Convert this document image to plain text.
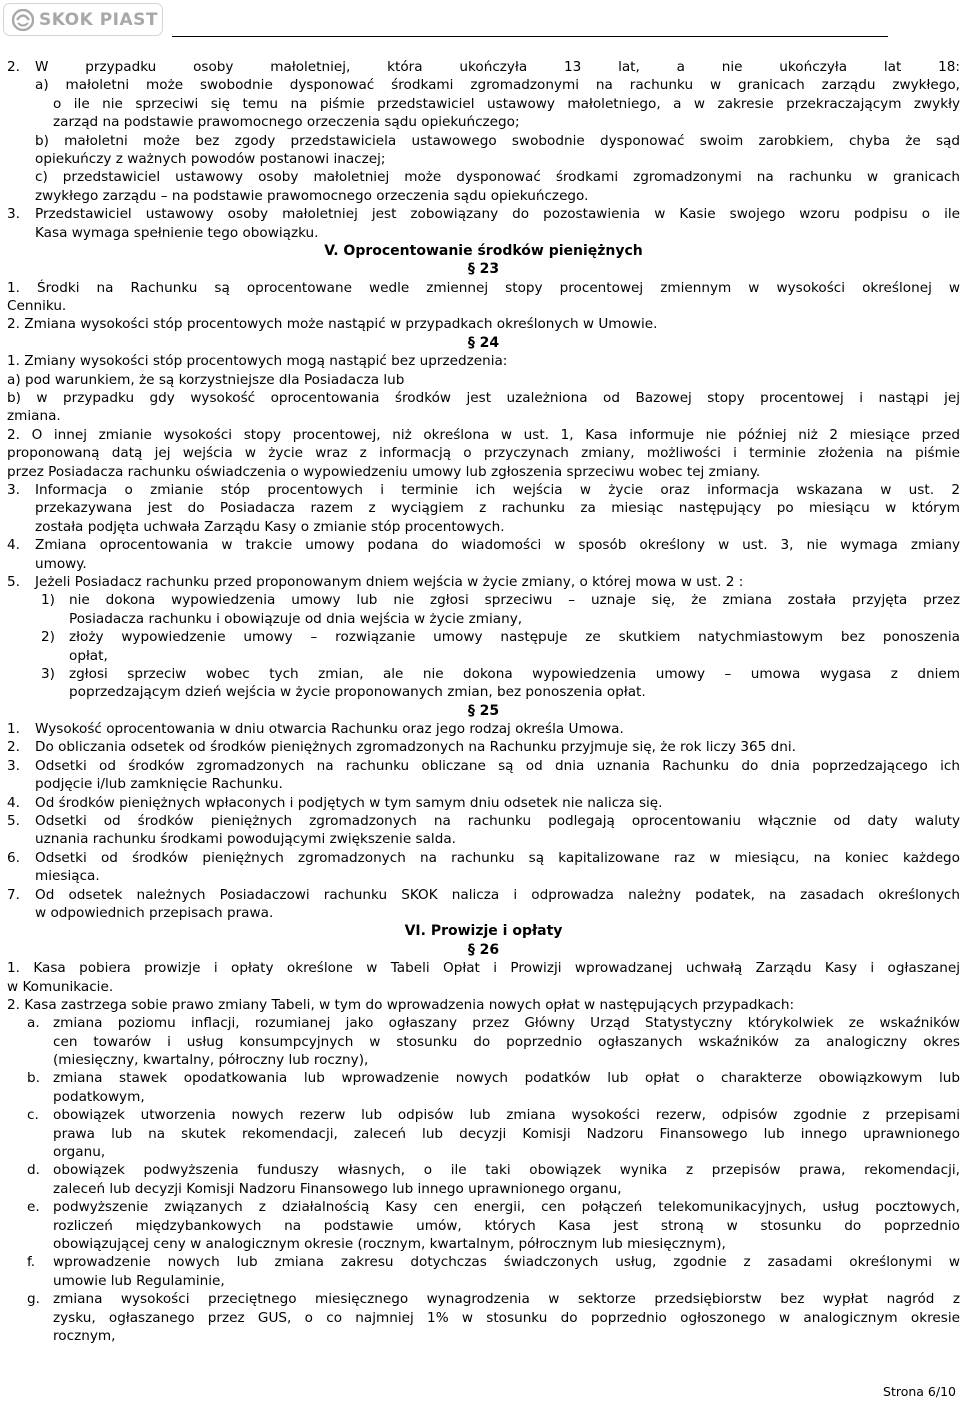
SKOK PIAST
2. W przypadku osoby małoletniej, która ukończyła 13 lat, a nie ukończyła lat 18:
a) małoletni może swobodnie dysponować środkami zgromadzonymi na rachunku w granicach zarządu zwykłego,
o ile nie sprzeciwi się temu na piśmie przedstawiciel ustawowy małoletniego, a w zakresie przekraczającym zwykły
zarząd na podstawie prawomocnego orzeczenia sądu opiekuńczego;
b) małoletni może bez zgody przedstawiciela ustawowego swobodnie dysponować swoim zarobkiem, chyba że sąd
opiekuńczy z ważnych powodów postanowi inaczej;
c) przedstawiciel ustawowy osoby małoletniej może dysponować środkami zgromadzonymi na rachunku w granicach
zwykłego zarządu – na podstawie prawomocnego orzeczenia sądu opiekuńczego.
3. Przedstawiciel ustawowy osoby małoletniej jest zobowiązany do pozostawienia w Kasie swojego wzoru podpisu o ile
Kasa wymaga spełnienie tego obowiązku.
V. Oprocentowanie środków pieniężnych
§ 23
1. Środki na Rachunku są oprocentowane wedle zmiennej stopy procentowej zmiennym w wysokości określonej w
Cenniku.
2. Zmiana wysokości stóp procentowych może nastąpić w przypadkach określonych w Umowie.
§ 24
1. Zmiany wysokości stóp procentowych mogą nastąpić bez uprzedzenia:
a) pod warunkiem, że są korzystniejsze dla Posiadacza lub
b) w przypadku gdy wysokość oprocentowania środków jest uzależniona od Bazowej stopy procentowej i nastąpi jej
zmiana.
2. O innej zmianie wysokości stopy procentowej, niż określona w ust. 1, Kasa informuje nie później niż 2 miesiące przed
proponowaną datą jej wejścia w życie wraz z informacją o przyczynach zmiany, możliwości i terminie złożenia na piśmie
przez Posiadacza rachunku oświadczenia o wypowiedzeniu umowy lub zgłoszenia sprzeciwu wobec tej zmiany.
3. Informacja o zmianie stóp procentowych i terminie ich wejścia w życie oraz informacja wskazana w ust. 2
przekazywana jest do Posiadacza razem z wyciągiem z rachunku za miesiąc następujący po miesiącu w którym
została podjęta uchwała Zarządu Kasy o zmianie stóp procentowych.
4. Zmiana oprocentowania w trakcie umowy podana do wiadomości w sposób określony w ust. 3, nie wymaga zmiany
umowy.
5. Jeżeli Posiadacz rachunku przed proponowanym dniem wejścia w życie zmiany, o której mowa w ust. 2 :
1) nie dokona wypowiedzenia umowy lub nie zgłosi sprzeciwu – uznaje się, że zmiana została przyjęta przez
Posiadacza rachunku i obowiązuje od dnia wejścia w życie zmiany,
2) złoży wypowiedzenie umowy – rozwiązanie umowy następuje ze skutkiem natychmiastowym bez ponoszenia
opłat,
3) zgłosi sprzeciw wobec tych zmian, ale nie dokona wypowiedzenia umowy – umowa wygasa z dniem
poprzedzającym dzień wejścia w życie proponowanych zmian, bez ponoszenia opłat.
§ 25
1. Wysokość oprocentowania w dniu otwarcia Rachunku oraz jego rodzaj określa Umowa.
2. Do obliczania odsetek od środków pieniężnych zgromadzonych na Rachunku przyjmuje się, że rok liczy 365 dni.
3. Odsetki od środków zgromadzonych na rachunku obliczane są od dnia uznania Rachunku do dnia poprzedzającego ich
podjęcie i/lub zamknięcie Rachunku.
4. Od środków pieniężnych wpłaconych i podjętych w tym samym dniu odsetek nie nalicza się.
5. Odsetki od środków pieniężnych zgromadzonych na rachunku podlegają oprocentowaniu włącznie od daty waluty
uznania rachunku środkami powodującymi zwiększenie salda.
6. Odsetki od środków pieniężnych zgromadzonych na rachunku są kapitalizowane raz w miesiącu, na koniec każdego
miesiąca.
7. Od odsetek należnych Posiadaczowi rachunku SKOK nalicza i odprowadza należny podatek, na zasadach określonych
w odpowiednich przepisach prawa.
VI. Prowizje i opłaty
§ 26
1. Kasa pobiera prowizje i opłaty określone w Tabeli Opłat i Prowizji wprowadzanej uchwałą Zarządu Kasy i ogłaszanej
w Komunikacie.
2. Kasa zastrzega sobie prawo zmiany Tabeli, w tym do wprowadzenia nowych opłat w następujących przypadkach:
a. zmiana poziomu inflacji, rozumianej jako ogłaszany przez Główny Urząd Statystyczny którykolwiek ze wskaźników
cen towarów i usług konsumpcyjnych w stosunku do poprzednio ogłaszanych wskaźników za analogiczny okres
(miesięczny, kwartalny, półroczny lub roczny),
b. zmiana stawek opodatkowania lub wprowadzenie nowych podatków lub opłat o charakterze obowiązkowym lub
podatkowym,
c. obowiązek utworzenia nowych rezerw lub odpisów lub zmiana wysokości rezerw, odpisów zgodnie z przepisami
prawa lub na skutek rekomendacji, zaleceń lub decyzji Komisji Nadzoru Finansowego lub innego uprawnionego
organu,
d. obowiązek podwyższenia funduszy własnych, o ile taki obowiązek wynika z przepisów prawa, rekomendacji,
zaleceń lub decyzji Komisji Nadzoru Finansowego lub innego uprawnionego organu,
e. podwyższenie związanych z działalnością Kasy cen energii, cen połączeń telekomunikacyjnych, usług pocztowych,
rozliczeń międzybankowych na podstawie umów, których Kasa jest stroną w stosunku do poprzednio
obowiązującej ceny w analogicznym okresie (rocznym, kwartalnym, półrocznym lub miesięcznym),
f. wprowadzenie nowych lub zmiana zakresu dotychczas świadczonych usług, zgodnie z zasadami określonymi w
umowie lub Regulaminie,
g. zmiana wysokości przeciętnego miesięcznego wynagrodzenia w sektorze przedsiębiorstw bez wypłat nagród z
zysku, ogłaszanego przez GUS, o co najmniej 1% w stosunku do poprzednio ogłoszonego w analogicznym okresie
rocznym,
Strona 6/10
